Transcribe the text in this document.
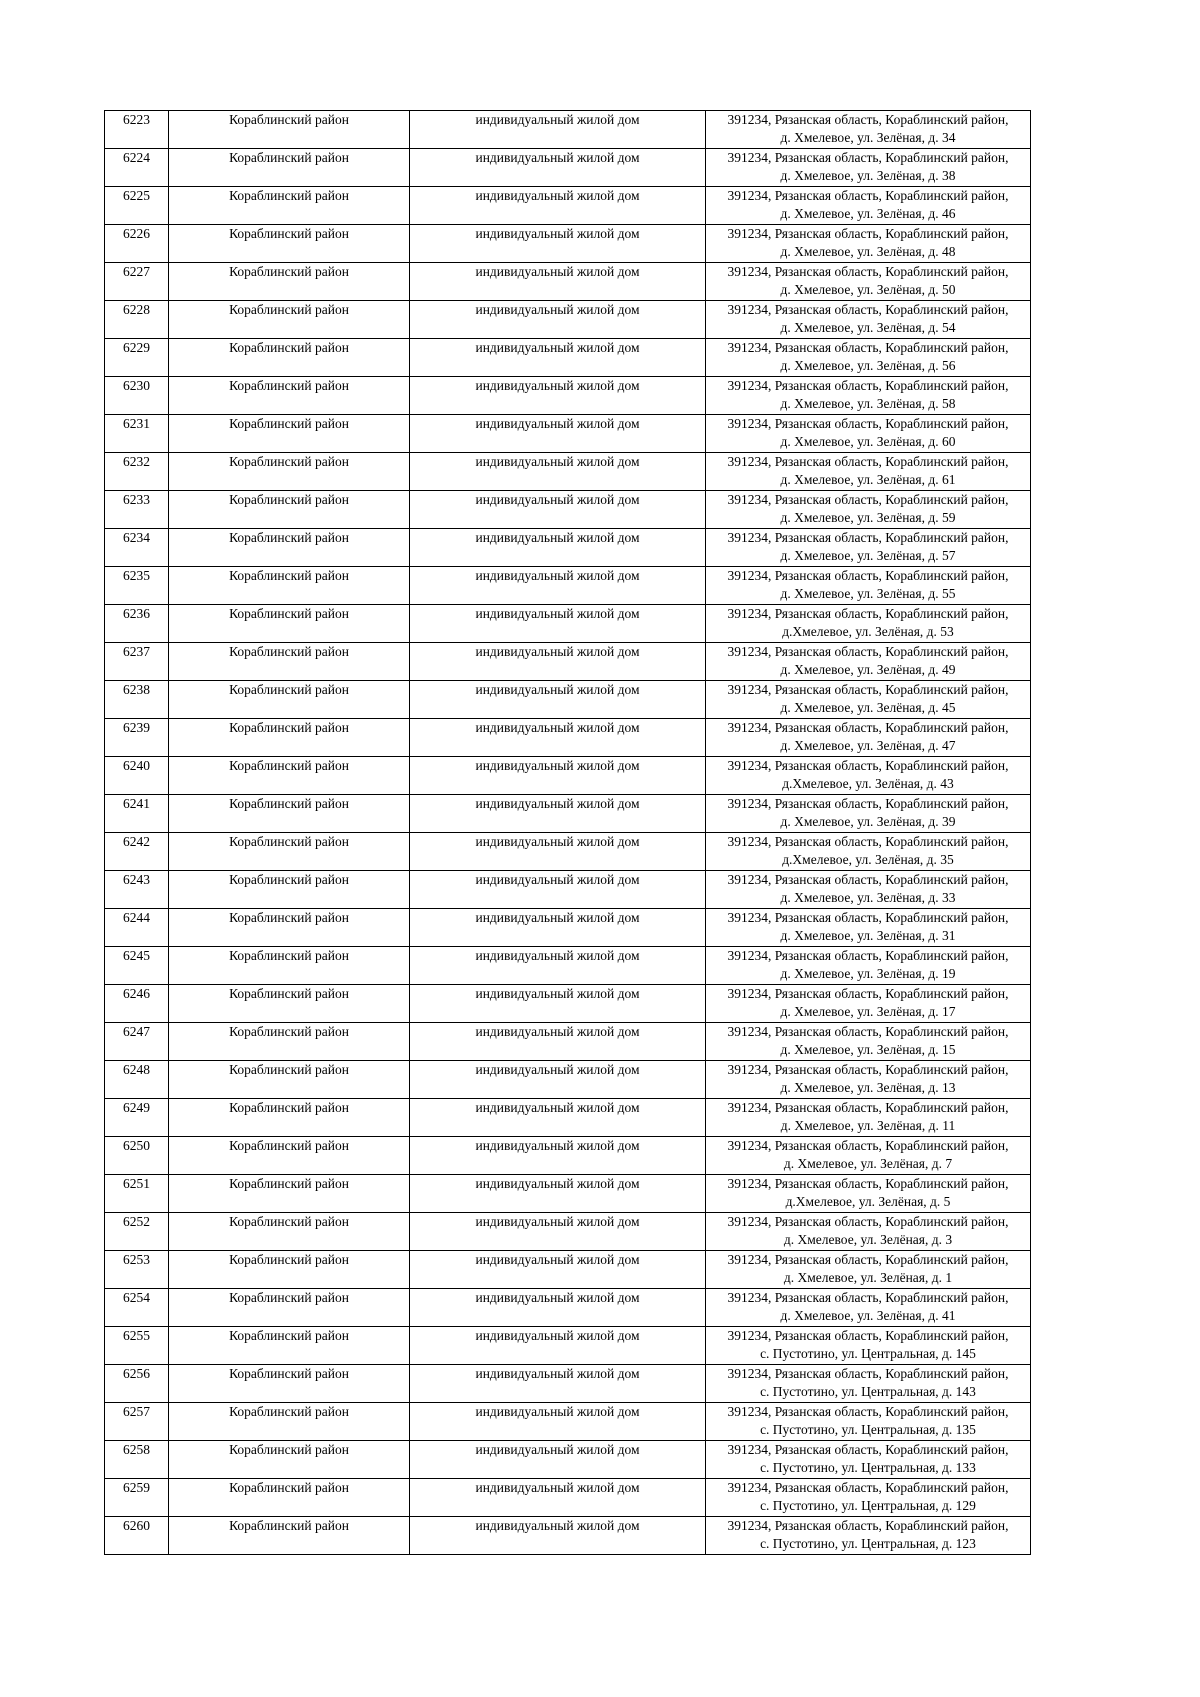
6223	Кораблинский район	индивидуальный жилой дом	391234, Рязанская область, Кораблинский район,
д. Хмелевое, ул. Зелёная, д. 34

6224	Кораблинский район	индивидуальный жилой дом	391234, Рязанская область, Кораблинский район,
д. Хмелевое, ул. Зелёная, д. 38

6225	Кораблинский район	индивидуальный жилой дом	391234, Рязанская область, Кораблинский район,
д. Хмелевое, ул. Зелёная, д. 46

6226	Кораблинский район	индивидуальный жилой дом	391234, Рязанская область, Кораблинский район,
д. Хмелевое, ул. Зелёная, д. 48

6227	Кораблинский район	индивидуальный жилой дом	391234, Рязанская область, Кораблинский район,
д. Хмелевое, ул. Зелёная, д. 50

6228	Кораблинский район	индивидуальный жилой дом	391234, Рязанская область, Кораблинский район,
д. Хмелевое, ул. Зелёная, д. 54

6229	Кораблинский район	индивидуальный жилой дом	391234, Рязанская область, Кораблинский район,
д. Хмелевое, ул. Зелёная, д. 56

6230	Кораблинский район	индивидуальный жилой дом	391234, Рязанская область, Кораблинский район,
д. Хмелевое, ул. Зелёная, д. 58

6231	Кораблинский район	индивидуальный жилой дом	391234, Рязанская область, Кораблинский район,
д. Хмелевое, ул. Зелёная, д. 60

6232	Кораблинский район	индивидуальный жилой дом	391234, Рязанская область, Кораблинский район,
д. Хмелевое, ул. Зелёная, д. 61

6233	Кораблинский район	индивидуальный жилой дом	391234, Рязанская область, Кораблинский район,
д. Хмелевое, ул. Зелёная, д. 59

6234	Кораблинский район	индивидуальный жилой дом	391234, Рязанская область, Кораблинский район,
д. Хмелевое, ул. Зелёная, д. 57

6235	Кораблинский район	индивидуальный жилой дом	391234, Рязанская область, Кораблинский район,
д. Хмелевое, ул. Зелёная, д. 55

6236	Кораблинский район	индивидуальный жилой дом	391234, Рязанская область, Кораблинский район,
д.Хмелевое, ул. Зелёная, д. 53

6237	Кораблинский район	индивидуальный жилой дом	391234, Рязанская область, Кораблинский район,
д. Хмелевое, ул. Зелёная, д. 49

6238	Кораблинский район	индивидуальный жилой дом	391234, Рязанская область, Кораблинский район,
д. Хмелевое, ул. Зелёная, д. 45

6239	Кораблинский район	индивидуальный жилой дом	391234, Рязанская область, Кораблинский район,
д. Хмелевое, ул. Зелёная, д. 47

6240	Кораблинский район	индивидуальный жилой дом	391234, Рязанская область, Кораблинский район,
д.Хмелевое, ул. Зелёная, д. 43

6241	Кораблинский район	индивидуальный жилой дом	391234, Рязанская область, Кораблинский район,
д. Хмелевое, ул. Зелёная, д. 39

6242	Кораблинский район	индивидуальный жилой дом	391234, Рязанская область, Кораблинский район,
д.Хмелевое, ул. Зелёная, д. 35

6243	Кораблинский район	индивидуальный жилой дом	391234, Рязанская область, Кораблинский район,
д. Хмелевое, ул. Зелёная, д. 33

6244	Кораблинский район	индивидуальный жилой дом	391234, Рязанская область, Кораблинский район,
д. Хмелевое, ул. Зелёная, д. 31

6245	Кораблинский район	индивидуальный жилой дом	391234, Рязанская область, Кораблинский район,
д. Хмелевое, ул. Зелёная, д. 19

6246	Кораблинский район	индивидуальный жилой дом	391234, Рязанская область, Кораблинский район,
д. Хмелевое, ул. Зелёная, д. 17

6247	Кораблинский район	индивидуальный жилой дом	391234, Рязанская область, Кораблинский район,
д. Хмелевое, ул. Зелёная, д. 15

6248	Кораблинский район	индивидуальный жилой дом	391234, Рязанская область, Кораблинский район,
д. Хмелевое, ул. Зелёная, д. 13

6249	Кораблинский район	индивидуальный жилой дом	391234, Рязанская область, Кораблинский район,
д. Хмелевое, ул. Зелёная, д. 11

6250	Кораблинский район	индивидуальный жилой дом	391234, Рязанская область, Кораблинский район,
д. Хмелевое, ул. Зелёная, д. 7

6251	Кораблинский район	индивидуальный жилой дом	391234, Рязанская область, Кораблинский район,
д.Хмелевое, ул. Зелёная, д. 5

6252	Кораблинский район	индивидуальный жилой дом	391234, Рязанская область, Кораблинский район,
д. Хмелевое, ул. Зелёная, д. 3

6253	Кораблинский район	индивидуальный жилой дом	391234, Рязанская область, Кораблинский район,
д. Хмелевое, ул. Зелёная, д. 1

6254	Кораблинский район	индивидуальный жилой дом	391234, Рязанская область, Кораблинский район,
д. Хмелевое, ул. Зелёная, д. 41

6255	Кораблинский район	индивидуальный жилой дом	391234, Рязанская область, Кораблинский район,
с. Пустотино, ул. Центральная, д. 145

6256	Кораблинский район	индивидуальный жилой дом	391234, Рязанская область, Кораблинский район,
с. Пустотино, ул. Центральная, д. 143

6257	Кораблинский район	индивидуальный жилой дом	391234, Рязанская область, Кораблинский район,
с. Пустотино, ул. Центральная, д. 135

6258	Кораблинский район	индивидуальный жилой дом	391234, Рязанская область, Кораблинский район,
с. Пустотино, ул. Центральная, д. 133

6259	Кораблинский район	индивидуальный жилой дом	391234, Рязанская область, Кораблинский район,
с. Пустотино, ул. Центральная, д. 129

6260	Кораблинский район	индивидуальный жилой дом	391234, Рязанская область, Кораблинский район,
с. Пустотино, ул. Центральная, д. 123
